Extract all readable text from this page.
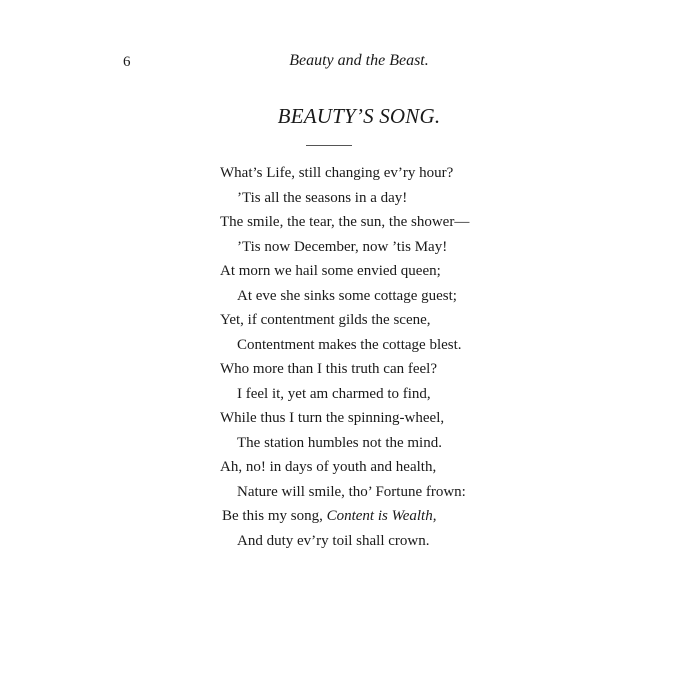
6	Beauty and the Beast.
BEAUTY’S SONG.
What’s Life, still changing ev’ry hour?
’Tis all the seasons in a day!
The smile, the tear, the sun, the shower—
’Tis now December, now ’tis May!
At morn we hail some envied queen;
At eve she sinks some cottage guest;
Yet, if contentment gilds the scene,
Contentment makes the cottage blest.
Who more than I this truth can feel?
I feel it, yet am charmed to find,
While thus I turn the spinning-wheel,
The station humbles not the mind.
Ah, no! in days of youth and health,
Nature will smile, tho’ Fortune frown:
Be this my song, Content is Wealth,
And duty ev’ry toil shall crown.
